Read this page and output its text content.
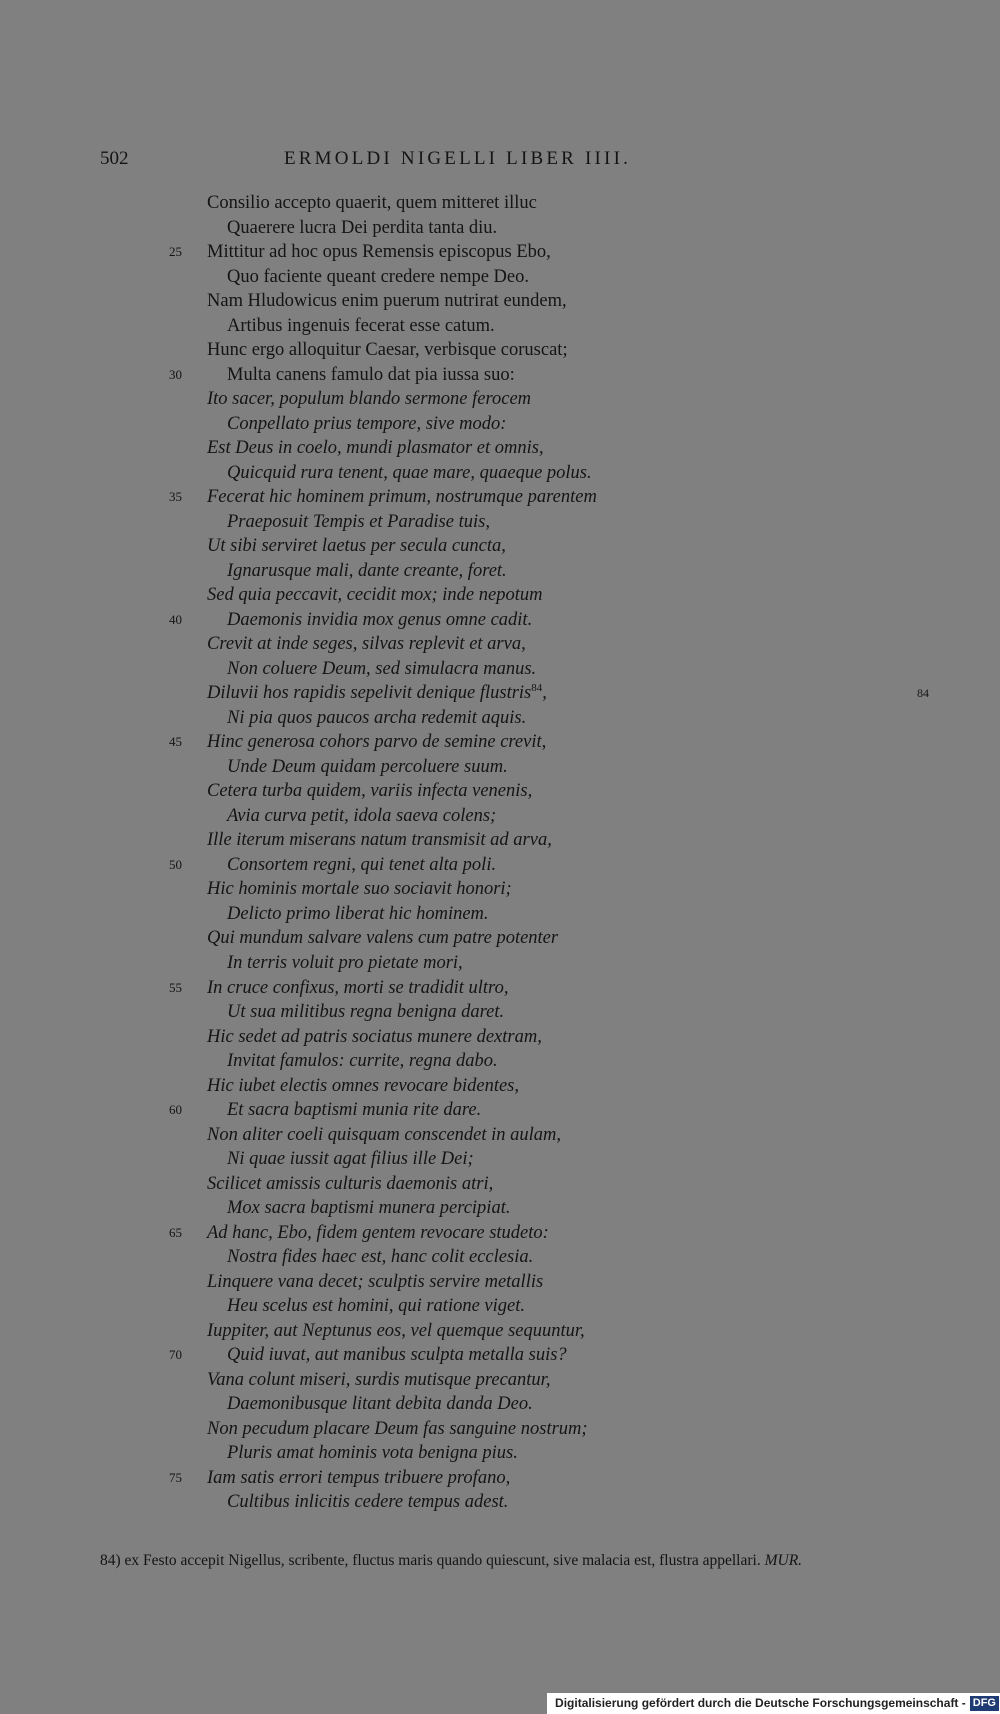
502	ERMOLDI NIGELLI LIBER IIII.
Consilio accepto quaerit, quem mitteret illuc
Quaerere lucra Dei perdita tanta diu.
25 Mittitur ad hoc opus Remensis episcopus Ebo,
Quo faciente queant credere nempe Deo.
Nam Hludowicus enim puerum nutrirat eundem,
Artibus ingenuis fecerat esse catum.
Hunc ergo alloquitur Caesar, verbisque coruscat;
30 Multa canens famulo dat pia iussa suo:
Ito sacer, populum blando sermone ferocem
Conpellato prius tempore, sive modo:
Est Deus in coelo, mundi plasmator et omnis,
Quicquid rura tenent, quae mare, quaeque polus.
35 Fecerat hic hominem primum, nostrumque parentem
Praeposuit Tempis et Paradise tuis,
Ut sibi serviret laetus per secula cuncta,
Ignarusque mali, dante creante, foret.
Sed quia peccavit, cecidit mox; inde nepotum
40 Daemonis invidia mox genus omne cadit.
Crevit at inde seges, silvas replevit et arva,
Non coluere Deum, sed simulacra manus.
Diluvii hos rapidis sepelivit denique flustris$^{84}$,	84
Ni pia quos paucos archa redemit aquis.
45 Hinc generosa cohors parvo de semine crevit,
Unde Deum quidam percoluere suum.
Cetera turba quidem, variis infecta venenis,
Avia curva petit, idola saeva colens;
Ille iterum miserans natum transmisit ad arva,
50 Consortem regni, qui tenet alta poli.
Hic hominis mortale suo sociavit honori;
Delicto primo liberat hic hominem.
Qui mundum salvare valens cum patre potenter
In terris voluit pro pietate mori,
55 In cruce confixus, morti se tradidit ultro,
Ut sua militibus regna benigna daret.
Hic sedet ad patris sociatus munere dextram,
Invitat famulos: currite, regna dabo.
Hic iubet electis omnes revocare bidentes,
60 Et sacra baptismi munia rite dare.
Non aliter coeli quisquam conscendet in aulam,
Ni quae iussit agat filius ille Dei;
Scilicet amissis culturis daemonis atri,
Mox sacra baptismi munera percipiat.
65 Ad hanc, Ebo, fidem gentem revocare studeto:
Nostra fides haec est, hanc colit ecclesia.
Linquere vana decet; sculptis servire metallis
Heu scelus est homini, qui ratione viget.
Iuppiter, aut Neptunus eos, vel quemque sequuntur,
70 Quid iuvat, aut manibus sculpta metalla suis?
Vana colunt miseri, surdis mutisque precantur,
Daemonibusque litant debita danda Deo.
Non pecudum placare Deum fas sanguine nostrum;
Pluris amat hominis vota benigna pius.
75 Iam satis errori tempus tribuere profano,
Cultibus inlicitis cedere tempus adest.
84) ex Festo accepit Nigellus, scribente, fluctus maris quando quiescunt, sive malacia est, flustra appellari. MUR.
Digitalisierung gefördert durch die Deutsche Forschungsgemeinschaft - DFG
